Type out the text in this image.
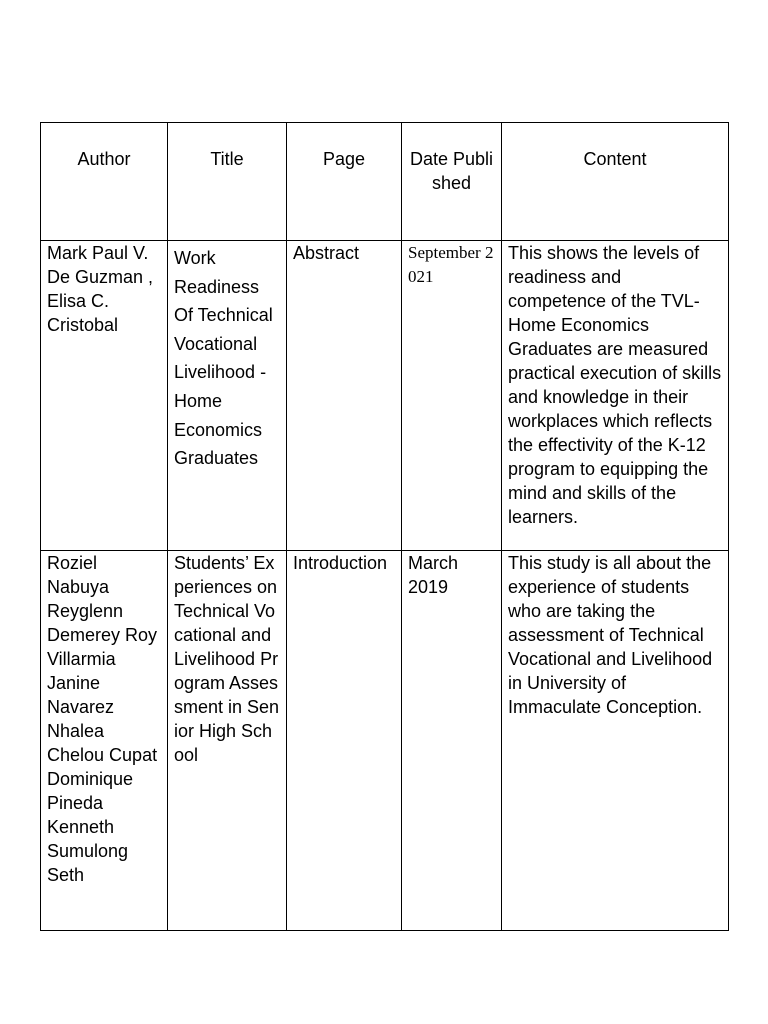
Author	Title	Page	Date Published	Content
Mark Paul V. De Guzman , Elisa C. Cristobal	Work Readiness Of Technical Vocational Livelihood - Home Economics Graduates	Abstract	September 2021	This shows the levels of readiness and competence of the TVL-Home Economics Graduates are measured practical execution of skills and knowledge in their workplaces which reflects the effectivity of the K-12 program to equipping the mind and skills of the learners.
Roziel Nabuya Reyglenn Demerey Roy Villarmia Janine Navarez Nhalea Chelou Cupat Dominique Pineda Kenneth Sumulong Seth	Students’ Experiences on Technical Vocational and Livelihood Program Assessment in Senior High School	Introduction	March 2019	This study is all about the experience of students who are taking the assessment of Technical Vocational and Livelihood in University of Immaculate Conception.
